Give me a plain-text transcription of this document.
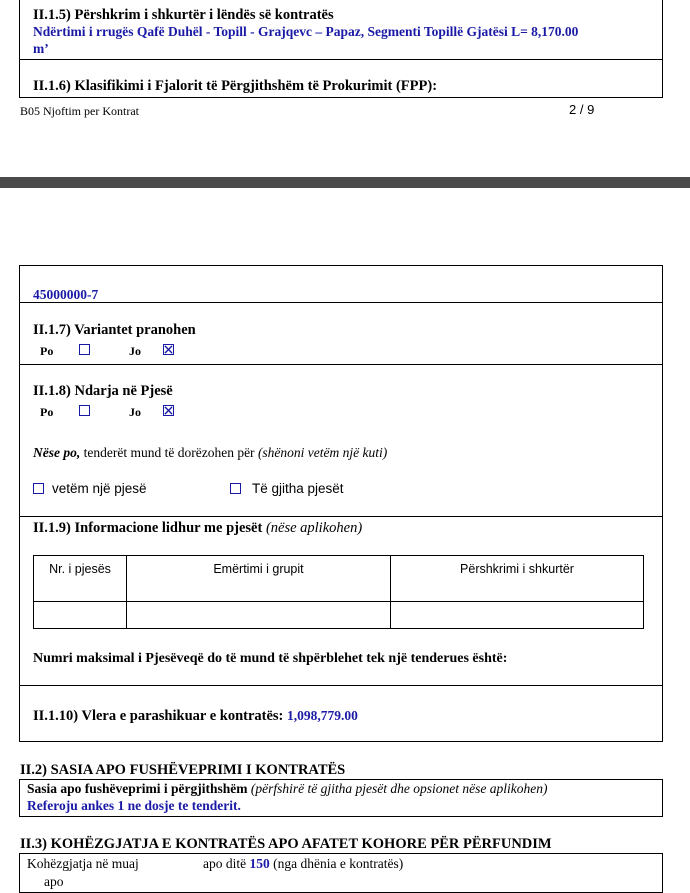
II.1.5) Përshkrim i shkurtër i lëndës së kontratës
Ndërtimi i rrugës Qafë Duhël - Topill - Grajqevc – Papaz, Segmenti Topillë Gjatësi L= 8,170.00
m’
II.1.6) Klasifikimi i Fjalorit të Përgjithshëm të Prokurimit (FPP):
B05 Njoftim per Kontrat	2 / 9
45000000-7
II.1.7) Variantet pranohen
Po	Jo
II.1.8) Ndarja në Pjesë
Po	Jo
Nëse po, tenderët mund të dorëzohen për (shënoni vetëm një kuti)
vetëm një pjesë	Të gjitha pjesët
II.1.9) Informacione lidhur me pjesët (nëse aplikohen)
Nr. i pjesës	Emërtimi i grupit	Përshkrimi i shkurtër

Numri maksimal i Pjesëveqë do të mund të shpërblehet tek një tenderues është:
II.1.10) Vlera e parashikuar e kontratës: 1,098,779.00
II.2) SASIA APO FUSHËVEPRIMI I KONTRATËS
Sasia apo fushëveprimi i përgjithshëm (përfshirë të gjitha pjesët dhe opsionet nëse aplikohen)
Referoju ankes 1 ne dosje te tenderit.
II.3) KOHËZGJATJA E KONTRATËS APO AFATET KOHORE PËR PËRFUNDIM
Kohëzgjatja në muaj	apo ditë 150 (nga dhënia e kontratës)
apo
